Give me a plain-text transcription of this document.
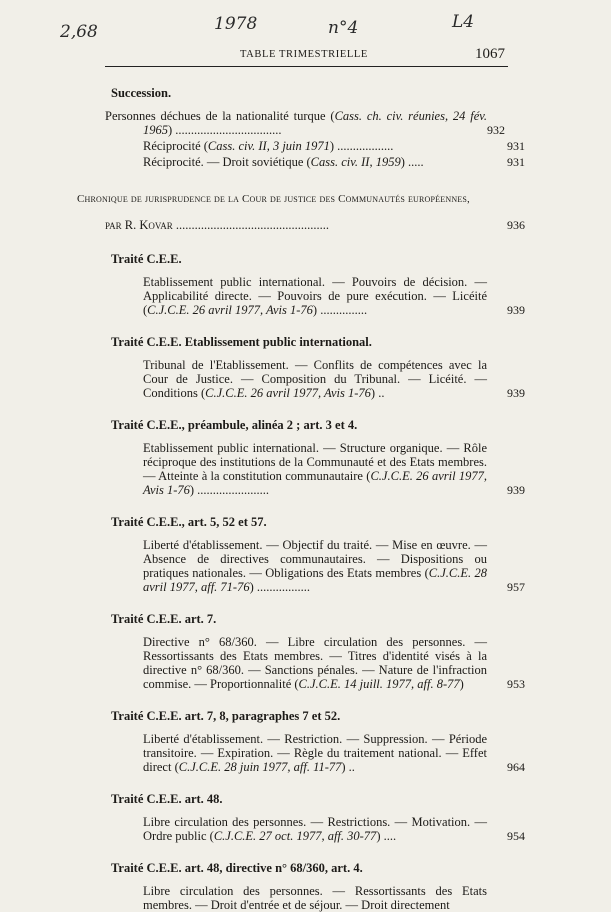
2,68	1978	n°4	L4
TABLE TRIMESTRIELLE	1067

Succession.

Personnes déchues de la nationalité turque (Cass. ch. civ. réunies, 24 fév. 1965) ..................................	932
Réciprocité (Cass. civ. II, 3 juin 1971) ..................	931
Réciprocité. — Droit soviétique (Cass. civ. II, 1959) .....	931
Chronique de jurisprudence de la Cour de justice des Communautés européennes,
par R. Kovar .................................................	936

Traité C.E.E.

Etablissement public international. — Pouvoirs de décision. — Applicabilité directe. — Pouvoirs de pure exécution. — Licéité (C.J.C.E. 26 avril 1977, Avis 1-76) ...............	939

Traité C.E.E. Etablissement public international.

Tribunal de l'Etablissement. — Conflits de compétences avec la Cour de Justice. — Composition du Tribunal. — Licéité. — Conditions (C.J.C.E. 26 avril 1977, Avis 1-76) ..	939

Traité C.E.E., préambule, alinéa 2 ; art. 3 et 4.

Etablissement public international. — Structure organique. — Rôle réciproque des institutions de la Communauté et des Etats membres. — Atteinte à la constitution communautaire (C.J.C.E. 26 avril 1977, Avis 1-76) .......................	939

Traité C.E.E., art. 5, 52 et 57.

Liberté d'établissement. — Objectif du traité. — Mise en œuvre. — Absence de directives communautaires. — Dispositions ou pratiques nationales. — Obligations des Etats membres (C.J.C.E. 28 avril 1977, aff. 71-76) .................	957

Traité C.E.E. art. 7.

Directive n° 68/360. — Libre circulation des personnes. — Ressortissants des Etats membres. — Titres d'identité visés à la directive n° 68/360. — Sanctions pénales. — Nature de l'infraction commise. — Proportionnalité (C.J.C.E. 14 juill. 1977, aff. 8-77)	953

Traité C.E.E. art. 7, 8, paragraphes 7 et 52.

Liberté d'établissement. — Restriction. — Suppression. — Période transitoire. — Expiration. — Règle du traitement national. — Effet direct (C.J.C.E. 28 juin 1977, aff. 11-77) ..	964

Traité C.E.E. art. 48.

Libre circulation des personnes. — Restrictions. — Motivation. — Ordre public (C.J.C.E. 27 oct. 1977, aff. 30-77) ....	954

Traité C.E.E. art. 48, directive n° 68/360, art. 4.

Libre circulation des personnes. — Ressortissants des Etats membres. — Droit d'entrée et de séjour. — Droit directement
